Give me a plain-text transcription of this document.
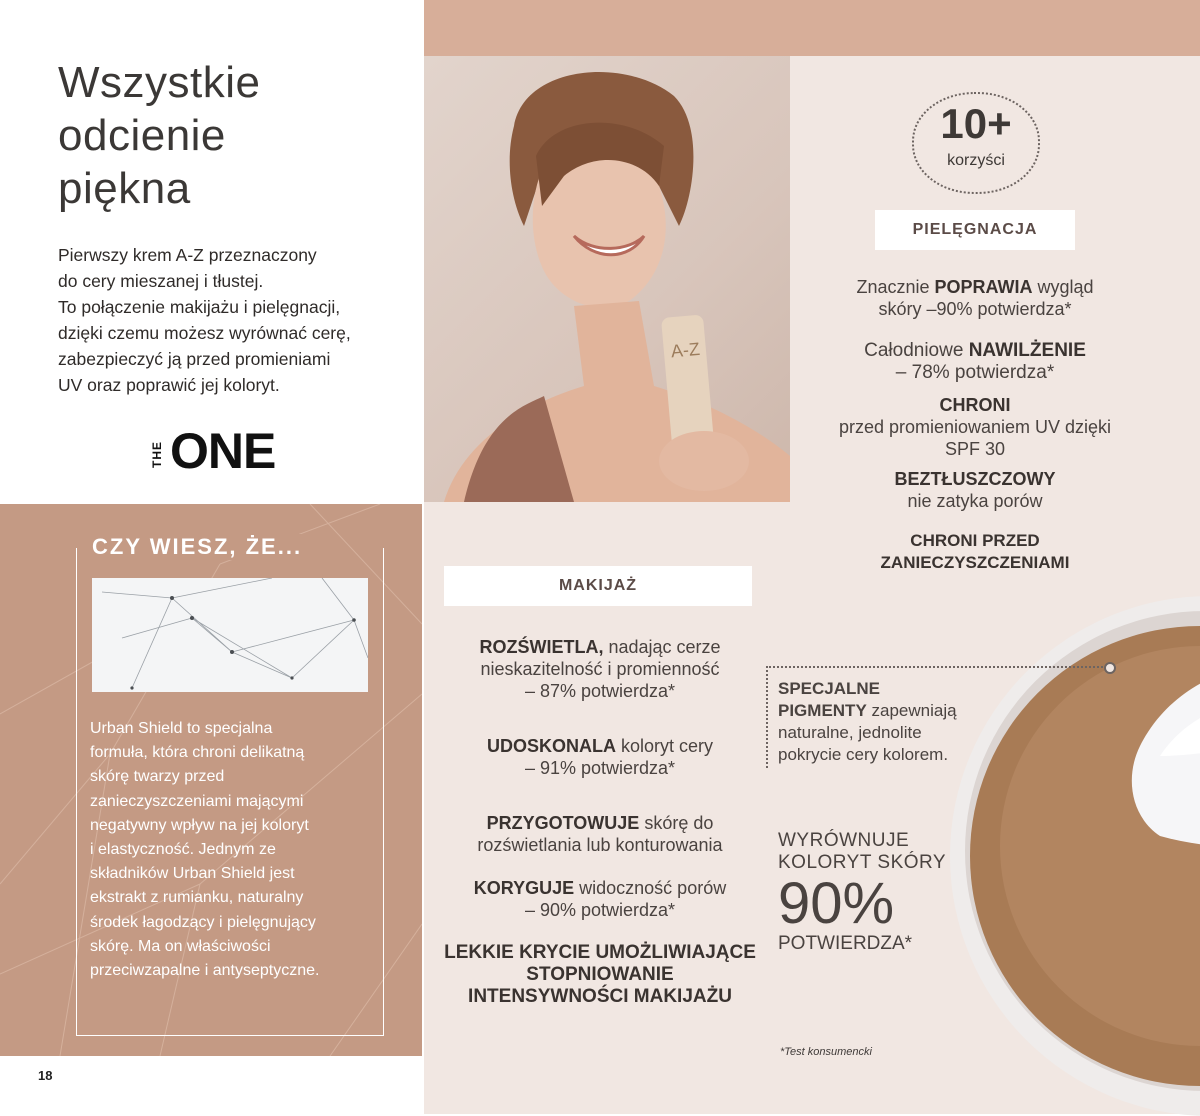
Wszystkie
odcienie
piękna
Pierwszy krem A-Z przeznaczony
do cery mieszanej i tłustej.
To połączenie makijażu i pielęgnacji,
dzięki czemu możesz wyrównać cerę,
zabezpieczyć ją przed promieniami
UV oraz poprawić jej koloryt.
THE ONE
CZY WIESZ, ŻE...
Urban Shield to specjalna
formuła, która chroni delikatną
skórę twarzy przed
zanieczyszczeniami mającymi
negatywny wpływ na jej koloryt
i elastyczność. Jednym ze
składników Urban Shield jest
ekstrakt z rumianku, naturalny
środek łagodzący i pielęgnujący
skórę. Ma on właściwości
przeciwzapalne i antyseptyczne.
18
A-Z
10+
korzyści
PIELĘGNACJA
Znacznie POPRAWIA wygląd
skóry –90% potwierdza*
Całodniowe NAWILŻENIE
– 78% potwierdza*
CHRONI
przed promieniowaniem UV dzięki
SPF 30
BEZTŁUSZCZOWY
nie zatyka porów
CHRONI PRZED
ZANIECZYSZCZENIAMI
MAKIJAŻ
ROZŚWIETLA, nadając cerze
nieskazitelność i promienność
– 87% potwierdza*
UDOSKONALA koloryt cery
– 91% potwierdza*
PRZYGOTOWUJE skórę do
rozświetlania lub konturowania
KORYGUJE widoczność porów
– 90% potwierdza*
LEKKIE KRYCIE UMOŻLIWIAJĄCE
STOPNIOWANIE
INTENSYWNOŚCI MAKIJAŻU
SPECJALNE
PIGMENTY zapewniają
naturalne, jednolite
pokrycie cery kolorem.
WYRÓWNUJE
KOLORYT SKÓRY
90%
POTWIERDZA*
*Test konsumencki
